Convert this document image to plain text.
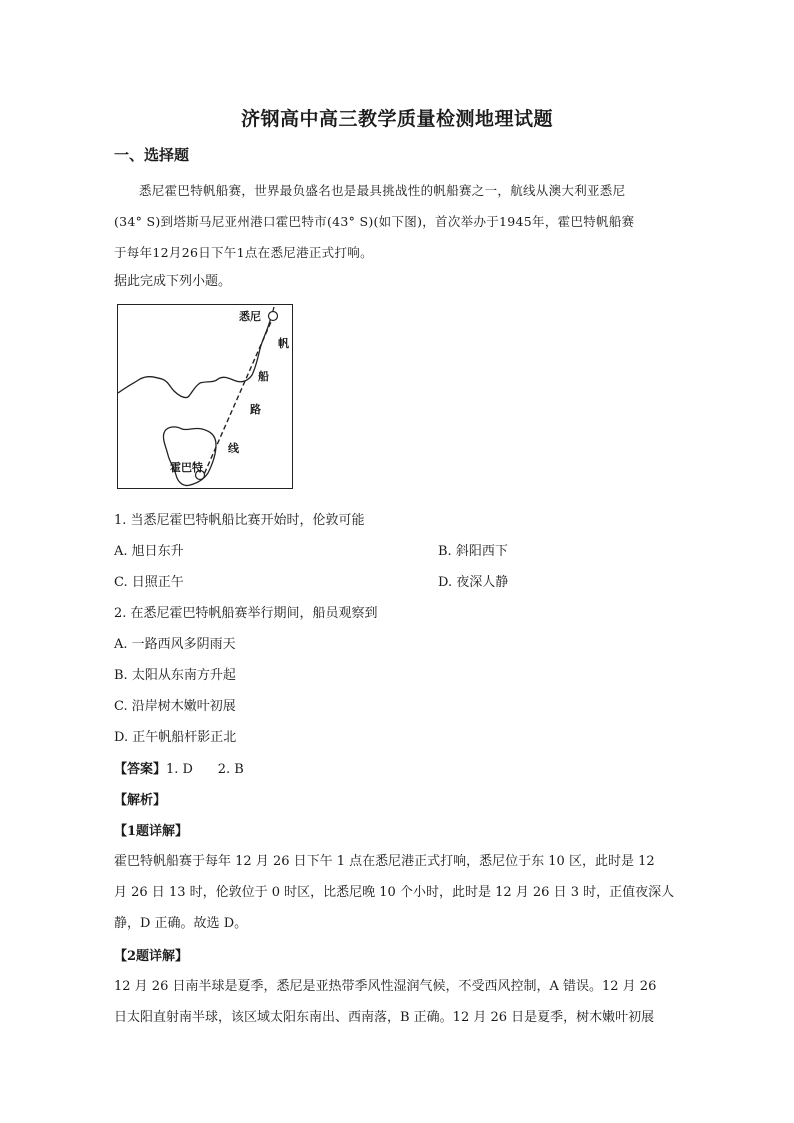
济钢高中高三教学质量检测地理试题
一、选择题
悉尼霍巴特帆船赛，世界最负盛名也是最具挑战性的帆船赛之一，航线从澳大利亚悉尼
(34° S)到塔斯马尼亚州港口霍巴特市(43° S)(如下图)，首次举办于1945年，霍巴特帆船赛
于每年12月26日下午1点在悉尼港正式打响。
据此完成下列小题。
悉尼
霍巴特
帆
船
路
线
1. 当悉尼霍巴特帆船比赛开始时，伦敦可能
A. 旭日东升	B. 斜阳西下
C. 日照正午	D. 夜深人静
2. 在悉尼霍巴特帆船赛举行期间，船员观察到
A. 一路西风多阴雨天
B. 太阳从东南方升起
C. 沿岸树木嫩叶初展
D. 正午帆船杆影正北
【答案】1. D      2. B
【解析】
【1题详解】
霍巴特帆船赛于每年 12 月 26 日下午 1 点在悉尼港正式打响，悉尼位于东 10 区，此时是 12
月 26 日 13 时，伦敦位于 0 时区，比悉尼晚 10 个小时，此时是 12 月 26 日 3 时，正值夜深人
静，D 正确。故选 D。
【2题详解】
12 月 26 日南半球是夏季，悉尼是亚热带季风性湿润气候，不受西风控制，A 错误。12 月 26
日太阳直射南半球，该区域太阳东南出、西南落，B 正确。12 月 26 日是夏季，树木嫩叶初展
